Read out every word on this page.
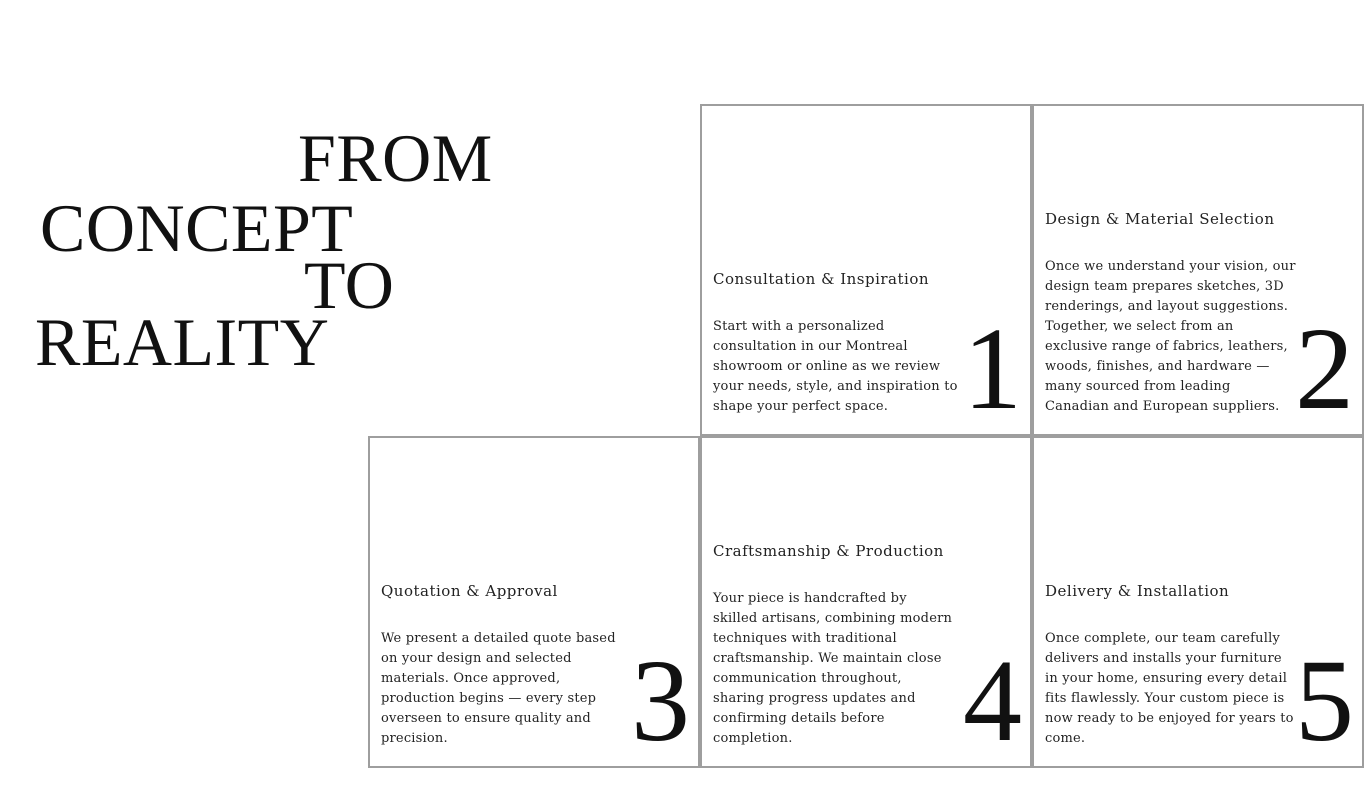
FROM
CONCEPT
TO
REALITY
Consultation & Inspiration

Start with a personalized consultation in our Montreal showroom or online as we review your needs, style, and inspiration to shape your perfect space. 1
Design & Material Selection

Once we understand your vision, our design team prepares sketches, 3D renderings, and layout suggestions. Together, we select from an exclusive range of fabrics, leathers, woods, finishes, and hardware — many sourced from leading Canadian and European suppliers. 2
Quotation & Approval

We present a detailed quote based on your design and selected materials. Once approved, production begins — every step overseen to ensure quality and precision.	3
Craftsmanship & Production

Your piece is handcrafted by skilled artisans, combining modern techniques with traditional craftsmanship. We maintain close communication throughout, sharing progress updates and confirming details before completion.	4
Delivery & Installation

Once complete, our team carefully delivers and installs your furniture in your home, ensuring every detail fits flawlessly. Your custom piece is now ready to be enjoyed for years to come.	5
